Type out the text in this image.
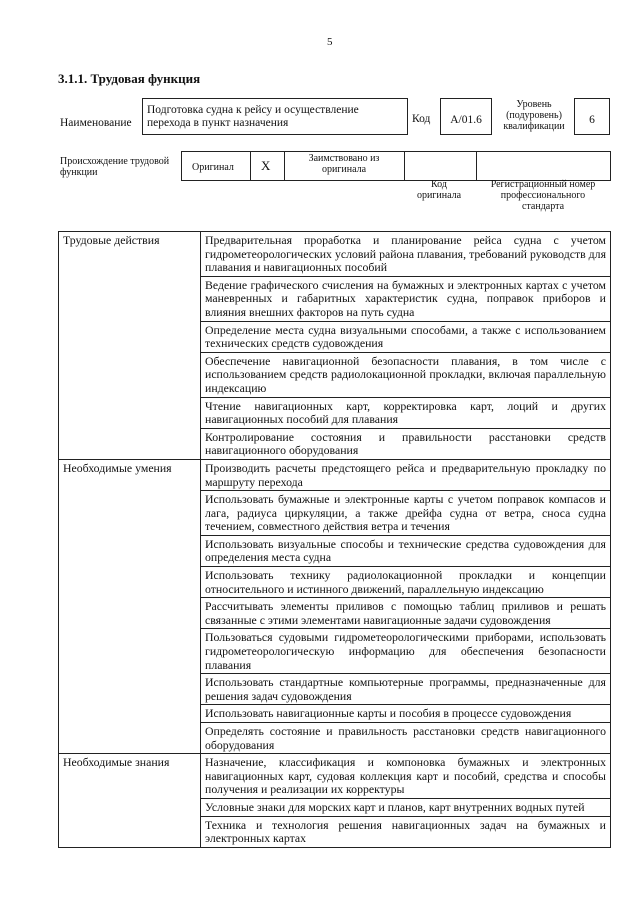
5
3.1.1. Трудовая функция
Наименование
Подготовка судна к рейсу и осуществление перехода в пункт назначения	Код	A/01.6
Уровень (подуровень) квалификации
6
Происхождение трудовой функции	Оригинал X	Заимствовано из оригинала
Код оригинала
Регистрационный номер профессионального стандарта
Трудовые действия	Предварительная проработка и планирование рейса судна с учетом гидрометеорологических условий района плавания, требований руководств для плавания и навигационных пособий
	Ведение графического счисления на бумажных и электронных картах с учетом маневренных и габаритных характеристик судна, поправок приборов и влияния внешних факторов на путь судна
	Определение места судна визуальными способами, а также с использованием технических средств судовождения
	Обеспечение навигационной безопасности плавания, в том числе с использованием средств радиолокационной прокладки, включая параллельную индексацию
	Чтение навигационных карт, корректировка карт, лоций и других навигационных пособий для плавания
	Контролирование состояния и правильности расстановки средств навигационного оборудования
Необходимые умения	Производить расчеты предстоящего рейса и предварительную прокладку по маршруту перехода
	Использовать бумажные и электронные карты с учетом поправок компасов и лага, радиуса циркуляции, а также дрейфа судна от ветра, сноса судна течением, совместного действия ветра и течения
	Использовать визуальные способы и технические средства судовождения для определения места судна
	Использовать технику радиолокационной прокладки и концепции относительного и истинного движений, параллельную индексацию
	Рассчитывать элементы приливов с помощью таблиц приливов и решать связанные с этими элементами навигационные задачи судовождения
	Пользоваться судовыми гидрометеорологическими приборами, использовать гидрометеорологическую информацию для обеспечения безопасности плавания
	Использовать стандартные компьютерные программы, предназначенные для решения задач судовождения
	Использовать навигационные карты и пособия в процессе судовождения
	Определять состояние и правильность расстановки средств навигационного оборудования
Необходимые знания	Назначение, классификация и компоновка бумажных и электронных навигационных карт, судовая коллекция карт и пособий, средства и способы получения и реализации их корректуры
	Условные знаки для морских карт и планов, карт внутренних водных путей
	Техника и технология решения навигационных задач на бумажных и электронных картах
